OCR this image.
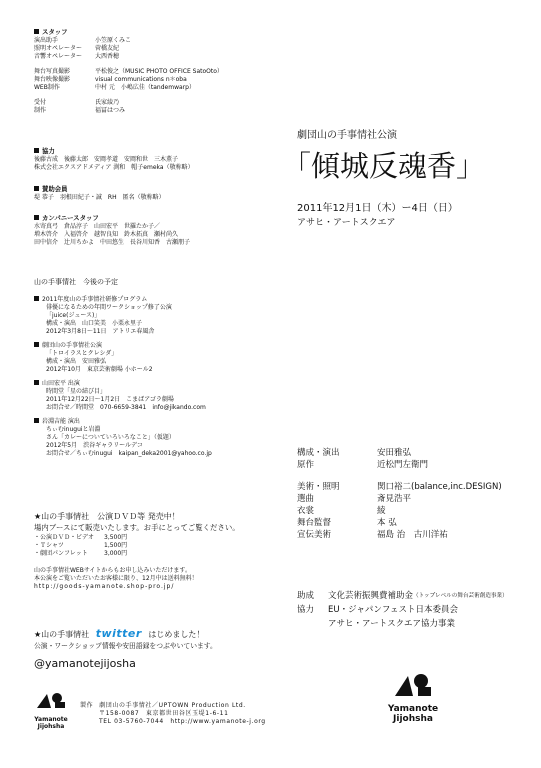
スタッフ
演出助手	小笠原くみこ
照明オペレーター	菅橋友紀
音響オペレーター	大西香穂
舞台写真撮影	平松俊之（MUSIC PHOTO OFFICE SatoOto）
舞台映像撮影	visual communications n＊oba
WEB制作	中村 元　小嶋広佳（tandemwarp）
受付	氏家綾乃
制作	福冨はつみ
協力
後藤古成　後藤太郎　安岡孝道　安岡和世　三木薫子
株式会社エクスアドメディア 渕和　帽子emeka（敬称略）
賛助会員
堤 恭子　羽根田紀子・誠　RH　匿名（敬称略）
カンパニースタッフ
水寄真弓　倉品淳子　山田宏平　世羅たか子／
増木啓介　入福啓介　越智良知　鈴木拓真　瀬村尚久
田中信介　辻川ちかよ　中田悠生　長谷川知香　古瀬朋子
山の手事情社　今後の予定
2011年度山の手事情社研修プログラム
俳優になるための年間ワークショップ修了公演
「juice(ジュース)」
構成・演出　山口笑美　小栗永里子
2012年3月8日〜11日　アトリエ春風舎
劇団山の手事情社公演
「トロイラスとクレシダ」
構成・演出　安田雅弘
2012年10月　東京芸術劇場 小ホール2
山田宏平 出演
時間堂「星の結び目」
2011年12月22日〜1月2日　こまばアゴラ劇場
お問合せ／時間堂　070-6659-3841　info@jikando.com
岩淵吉能 演出
ちぃむinuguiと岩淵
さん「カレーについていろいろなこと」（仮題）
2012年5月　渋谷ギャラリールデコ
お問合せ／ちぃむinugui　kaipan_deka2001@yahoo.co.jp
★山の手事情社　公演ＤＶＤ等 発売中！
場内ブースにて販売いたします。お手にとってご覧ください。
・公演ＤＶＤ・ビデオ	3,500円
・Ｔシャツ	1,500円
・劇団パンフレット	3,000円
山の手事情社WEBサイトからもお申し込みいただけます。
本公演をご覧いただいたお客様に限り、12月中は送料無料！
http://goods-yamanote.shop-pro.jp/
★山の手事情社 twitter はじめました！
公演・ワークショップ情報や安田語録をつぶやいています。
@yamanotejijosha
Yamanote
Jijohsha
製作 劇団山の手事情社／UPTOWN Production Ltd.
〒158-0087　東京都世田谷区玉堤1-6-11
TEL 03-5760-7044　http://www.yamanote-j.org
劇団山の手事情社公演
「傾城反魂香」
2011年12月1日（木）ー4日（日）
アサヒ・アートスクエア
構成・演出	安田雅弘
原作	近松門左衛門
美術・照明	関口裕二(balance,inc.DESIGN)
選曲	斎見浩平
衣裳	綾
舞台監督	本 弘
宣伝美術	福島 治　古川洋祐
助成	文化芸術振興費補助金 （トップレベルの舞台芸術創造事業）
協力	EU・ジャパンフェスト日本委員会
アサヒ・アートスクエア協力事業
Yamanote
Jijohsha
